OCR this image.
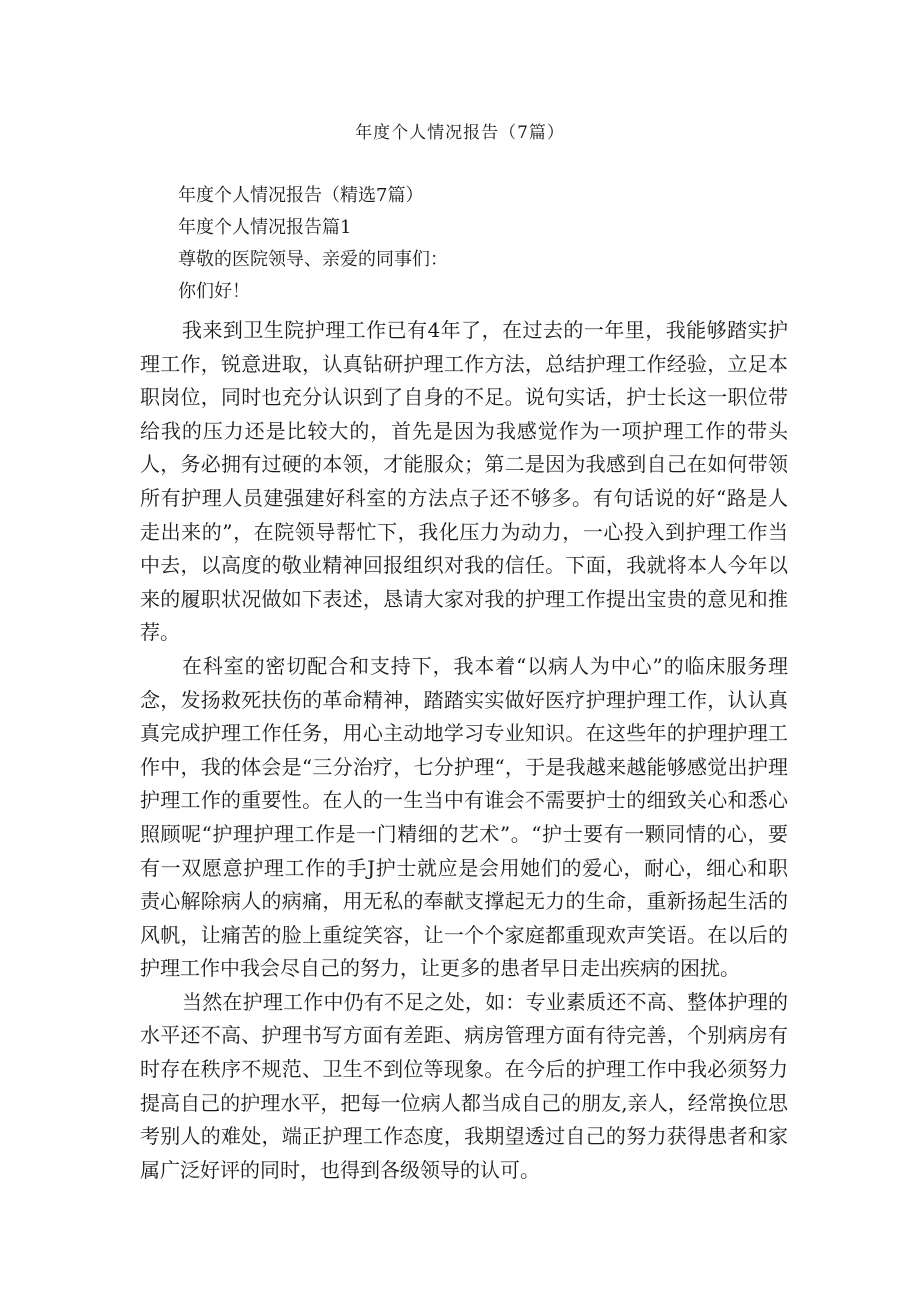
年度个人情况报告（7篇）

年度个人情况报告（精选7篇）

年度个人情况报告篇1

尊敬的医院领导、亲爱的同事们：

你们好！

我来到卫生院护理工作已有4年了，在过去的一年里，我能够踏实护理工作，锐意进取，认真钻研护理工作方法，总结护理工作经验，立足本职岗位，同时也充分认识到了自身的不足。说句实话，护士长这一职位带给我的压力还是比较大的，首先是因为我感觉作为一项护理工作的带头人，务必拥有过硬的本领，才能服众；第二是因为我感到自己在如何带领所有护理人员建强建好科室的方法点子还不够多。有句话说的好“路是人走出来的”，在院领导帮忙下，我化压力为动力，一心投入到护理工作当中去，以高度的敬业精神回报组织对我的信任。下面，我就将本人今年以来的履职状况做如下表述，恳请大家对我的护理工作提出宝贵的意见和推荐。

在科室的密切配合和支持下，我本着“以病人为中心”的临床服务理念，发扬救死扶伤的革命精神，踏踏实实做好医疗护理护理工作，认认真真完成护理工作任务，用心主动地学习专业知识。在这些年的护理护理工作中，我的体会是“三分治疗，七分护理“，于是我越来越能够感觉出护理护理工作的重要性。在人的一生当中有谁会不需要护士的细致关心和悉心照顾呢“护理护理工作是一门精细的艺术”。“护士要有一颗同情的心，要有一双愿意护理工作的手J护士就应是会用她们的爱心，耐心，细心和职责心解除病人的病痛，用无私的奉献支撑起无力的生命，重新扬起生活的风帆，让痛苦的脸上重绽笑容，让一个个家庭都重现欢声笑语。在以后的护理工作中我会尽自己的努力，让更多的患者早日走出疾病的困扰。

当然在护理工作中仍有不足之处，如：专业素质还不高、整体护理的水平还不高、护理书写方面有差距、病房管理方面有待完善，个别病房有时存在秩序不规范、卫生不到位等现象。在今后的护理工作中我必须努力提高自己的护理水平，把每一位病人都当成自己的朋友,亲人，经常换位思考别人的难处，端正护理工作态度，我期望透过自己的努力获得患者和家属广泛好评的同时，也得到各级领导的认可。
